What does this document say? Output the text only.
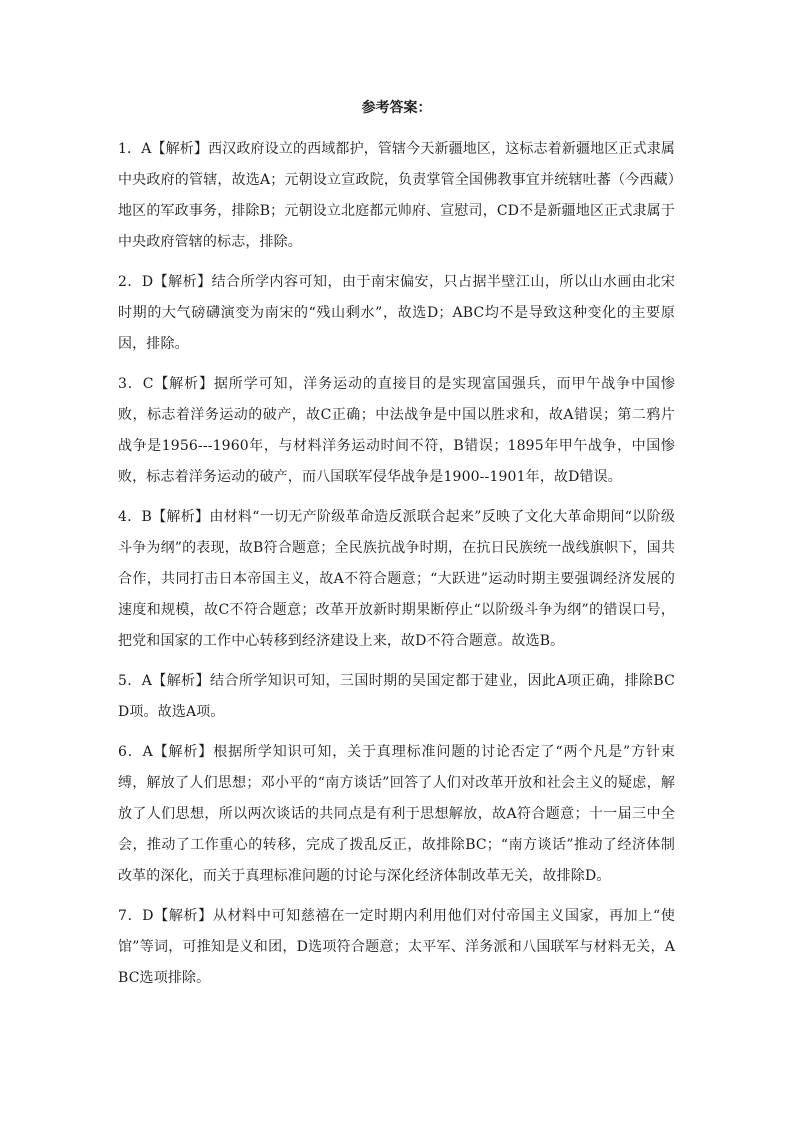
参考答案：

1．A【解析】西汉政府设立的西域都护，管辖今天新疆地区，这标志着新疆地区正式隶属中央政府的管辖，故选A；元朝设立宣政院，负责掌管全国佛教事宜并统辖吐蕃（今西藏）地区的军政事务，排除B；元朝设立北庭都元帅府、宣慰司，CD不是新疆地区正式隶属于中央政府管辖的标志，排除。

2．D【解析】结合所学内容可知，由于南宋偏安，只占据半壁江山，所以山水画由北宋时期的大气磅礴演变为南宋的“残山剩水”，故选D；ABC均不是导致这种变化的主要原因，排除。

3．C【解析】据所学可知，洋务运动的直接目的是实现富国强兵，而甲午战争中国惨败，标志着洋务运动的破产，故C正确；中法战争是中国以胜求和，故A错误；第二鸦片战争是1956---1960年，与材料洋务运动时间不符，B错误；1895年甲午战争，中国惨败，标志着洋务运动的破产，而八国联军侵华战争是1900--1901年，故D错误。

4．B【解析】由材料“一切无产阶级革命造反派联合起来”反映了文化大革命期间“以阶级斗争为纲”的表现，故B符合题意；全民族抗战争时期，在抗日民族统一战线旗帜下，国共合作，共同打击日本帝国主义，故A不符合题意；“大跃进”运动时期主要强调经济发展的速度和规模，故C不符合题意；改革开放新时期果断停止“以阶级斗争为纲”的错误口号，把党和国家的工作中心转移到经济建设上来，故D不符合题意。故选B。

5．A【解析】结合所学知识可知，三国时期的吴国定都于建业，因此A项正确，排除BCD项。故选A项。

6．A【解析】根据所学知识可知，关于真理标准问题的讨论否定了“两个凡是”方针束缚，解放了人们思想；邓小平的“南方谈话”回答了人们对改革开放和社会主义的疑虑，解放了人们思想，所以两次谈话的共同点是有利于思想解放，故A符合题意；十一届三中全会，推动了工作重心的转移，完成了拨乱反正，故排除BC；“南方谈话”推动了经济体制改革的深化，而关于真理标准问题的讨论与深化经济体制改革无关，故排除D。

7．D【解析】从材料中可知慈禧在一定时期内利用他们对付帝国主义国家，再加上“使馆”等词，可推知是义和团，D选项符合题意；太平军、洋务派和八国联军与材料无关，ABC选项排除。
